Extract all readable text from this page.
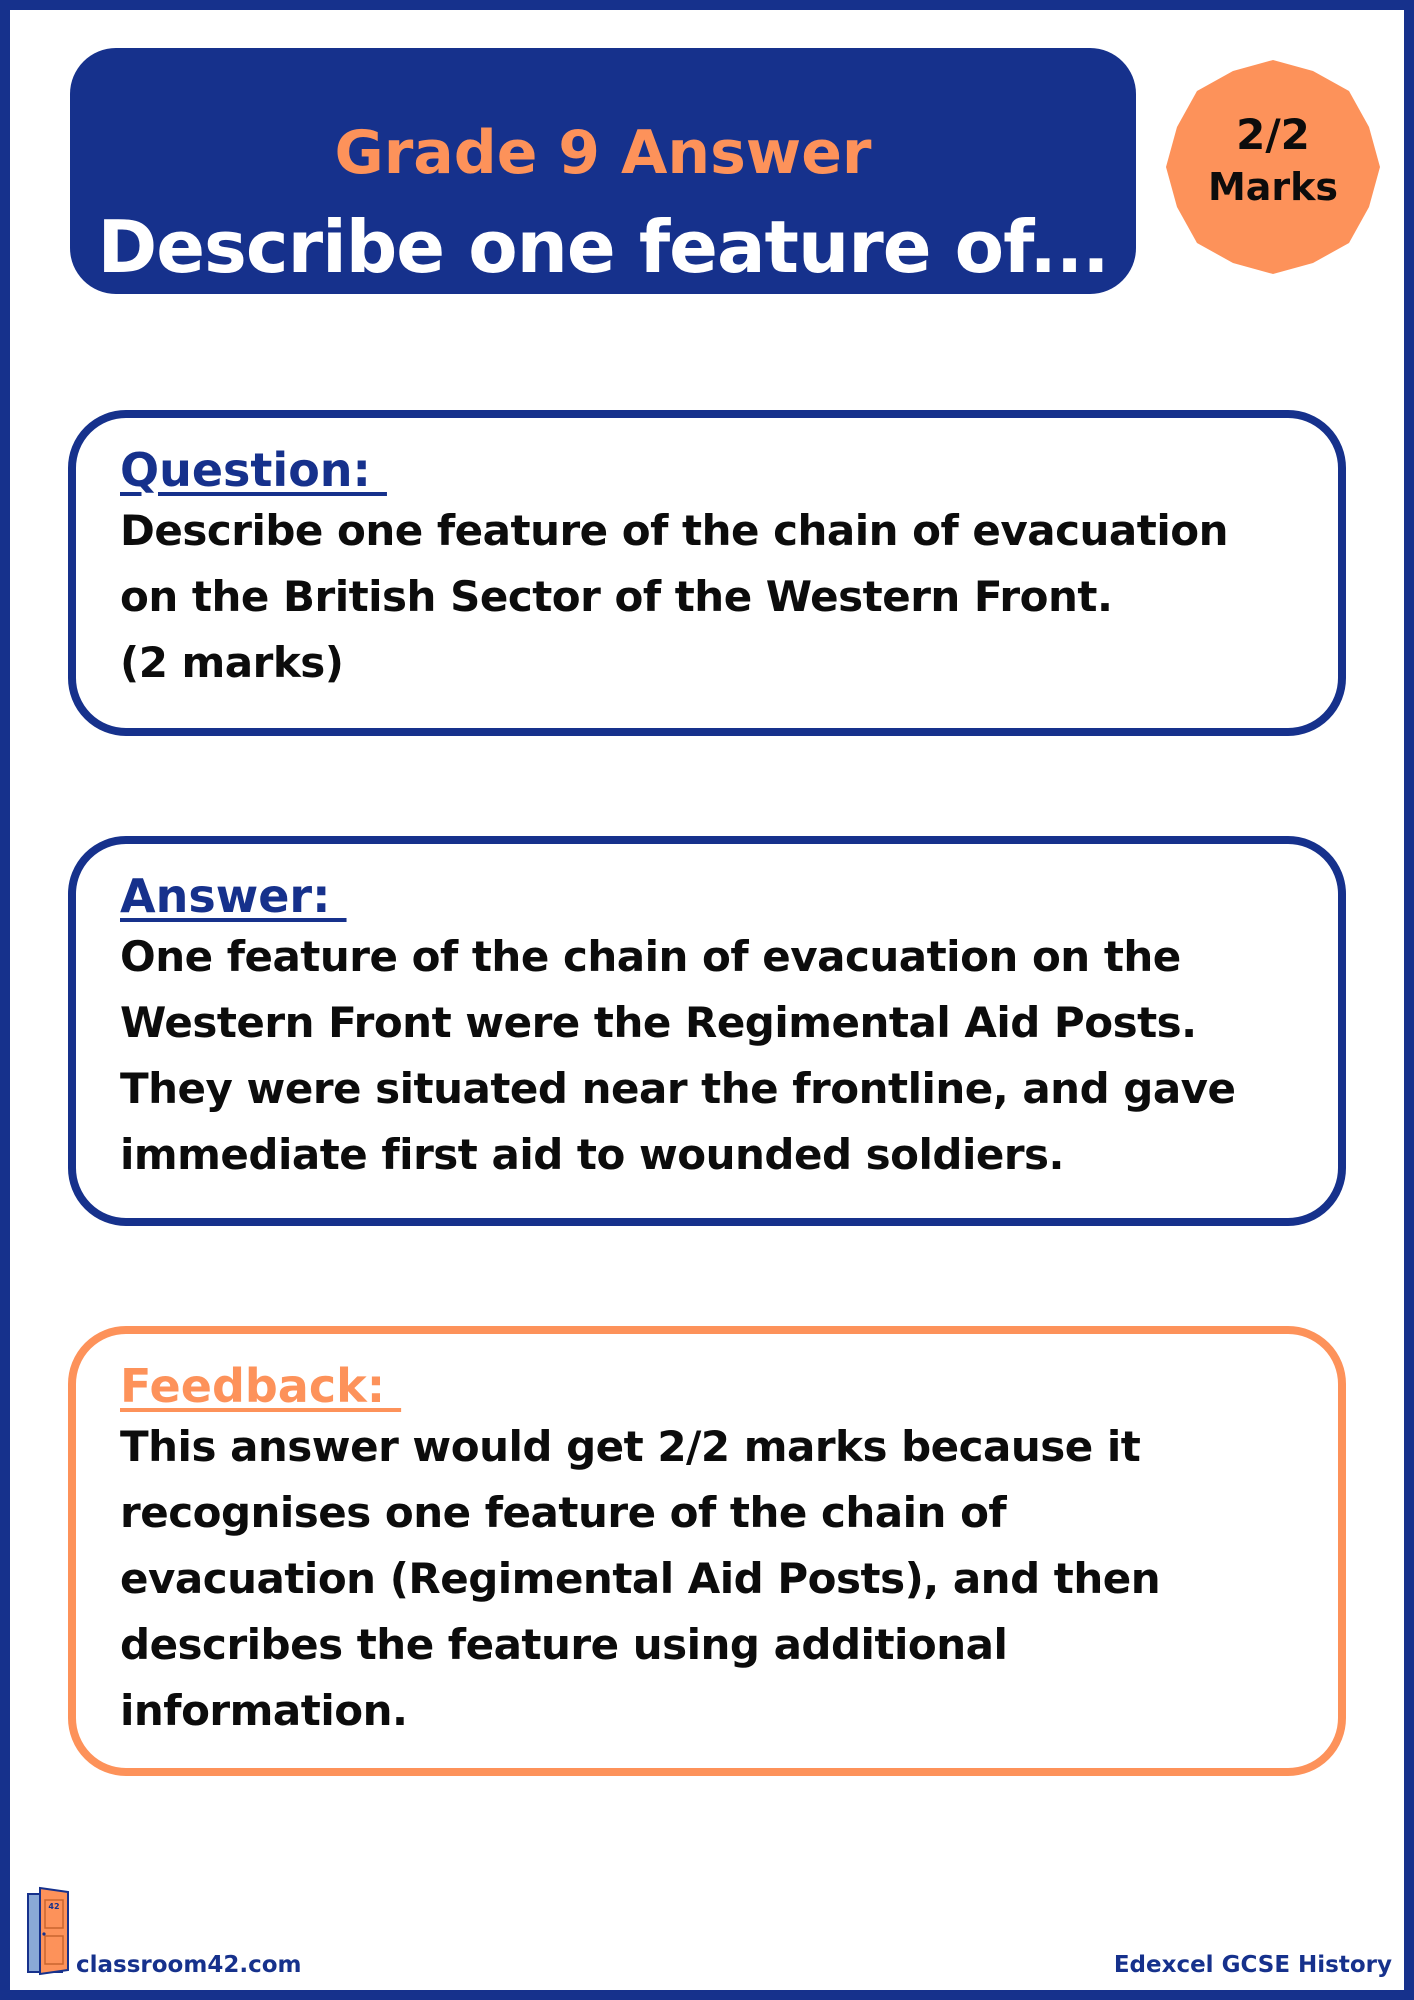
Grade 9 Answer
Describe one feature of...
2/2
Marks
Question:
Describe one feature of the chain of evacuation
on the British Sector of the Western Front.
(2 marks)
Answer:
One feature of the chain of evacuation on the
Western Front were the Regimental Aid Posts.
They were situated near the frontline, and gave
immediate first aid to wounded soldiers.
Feedback:
This answer would get 2/2 marks because it
recognises one feature of the chain of
evacuation (Regimental Aid Posts), and then
describes the feature using additional
information.
42
classroom42.com	Edexcel GCSE History
